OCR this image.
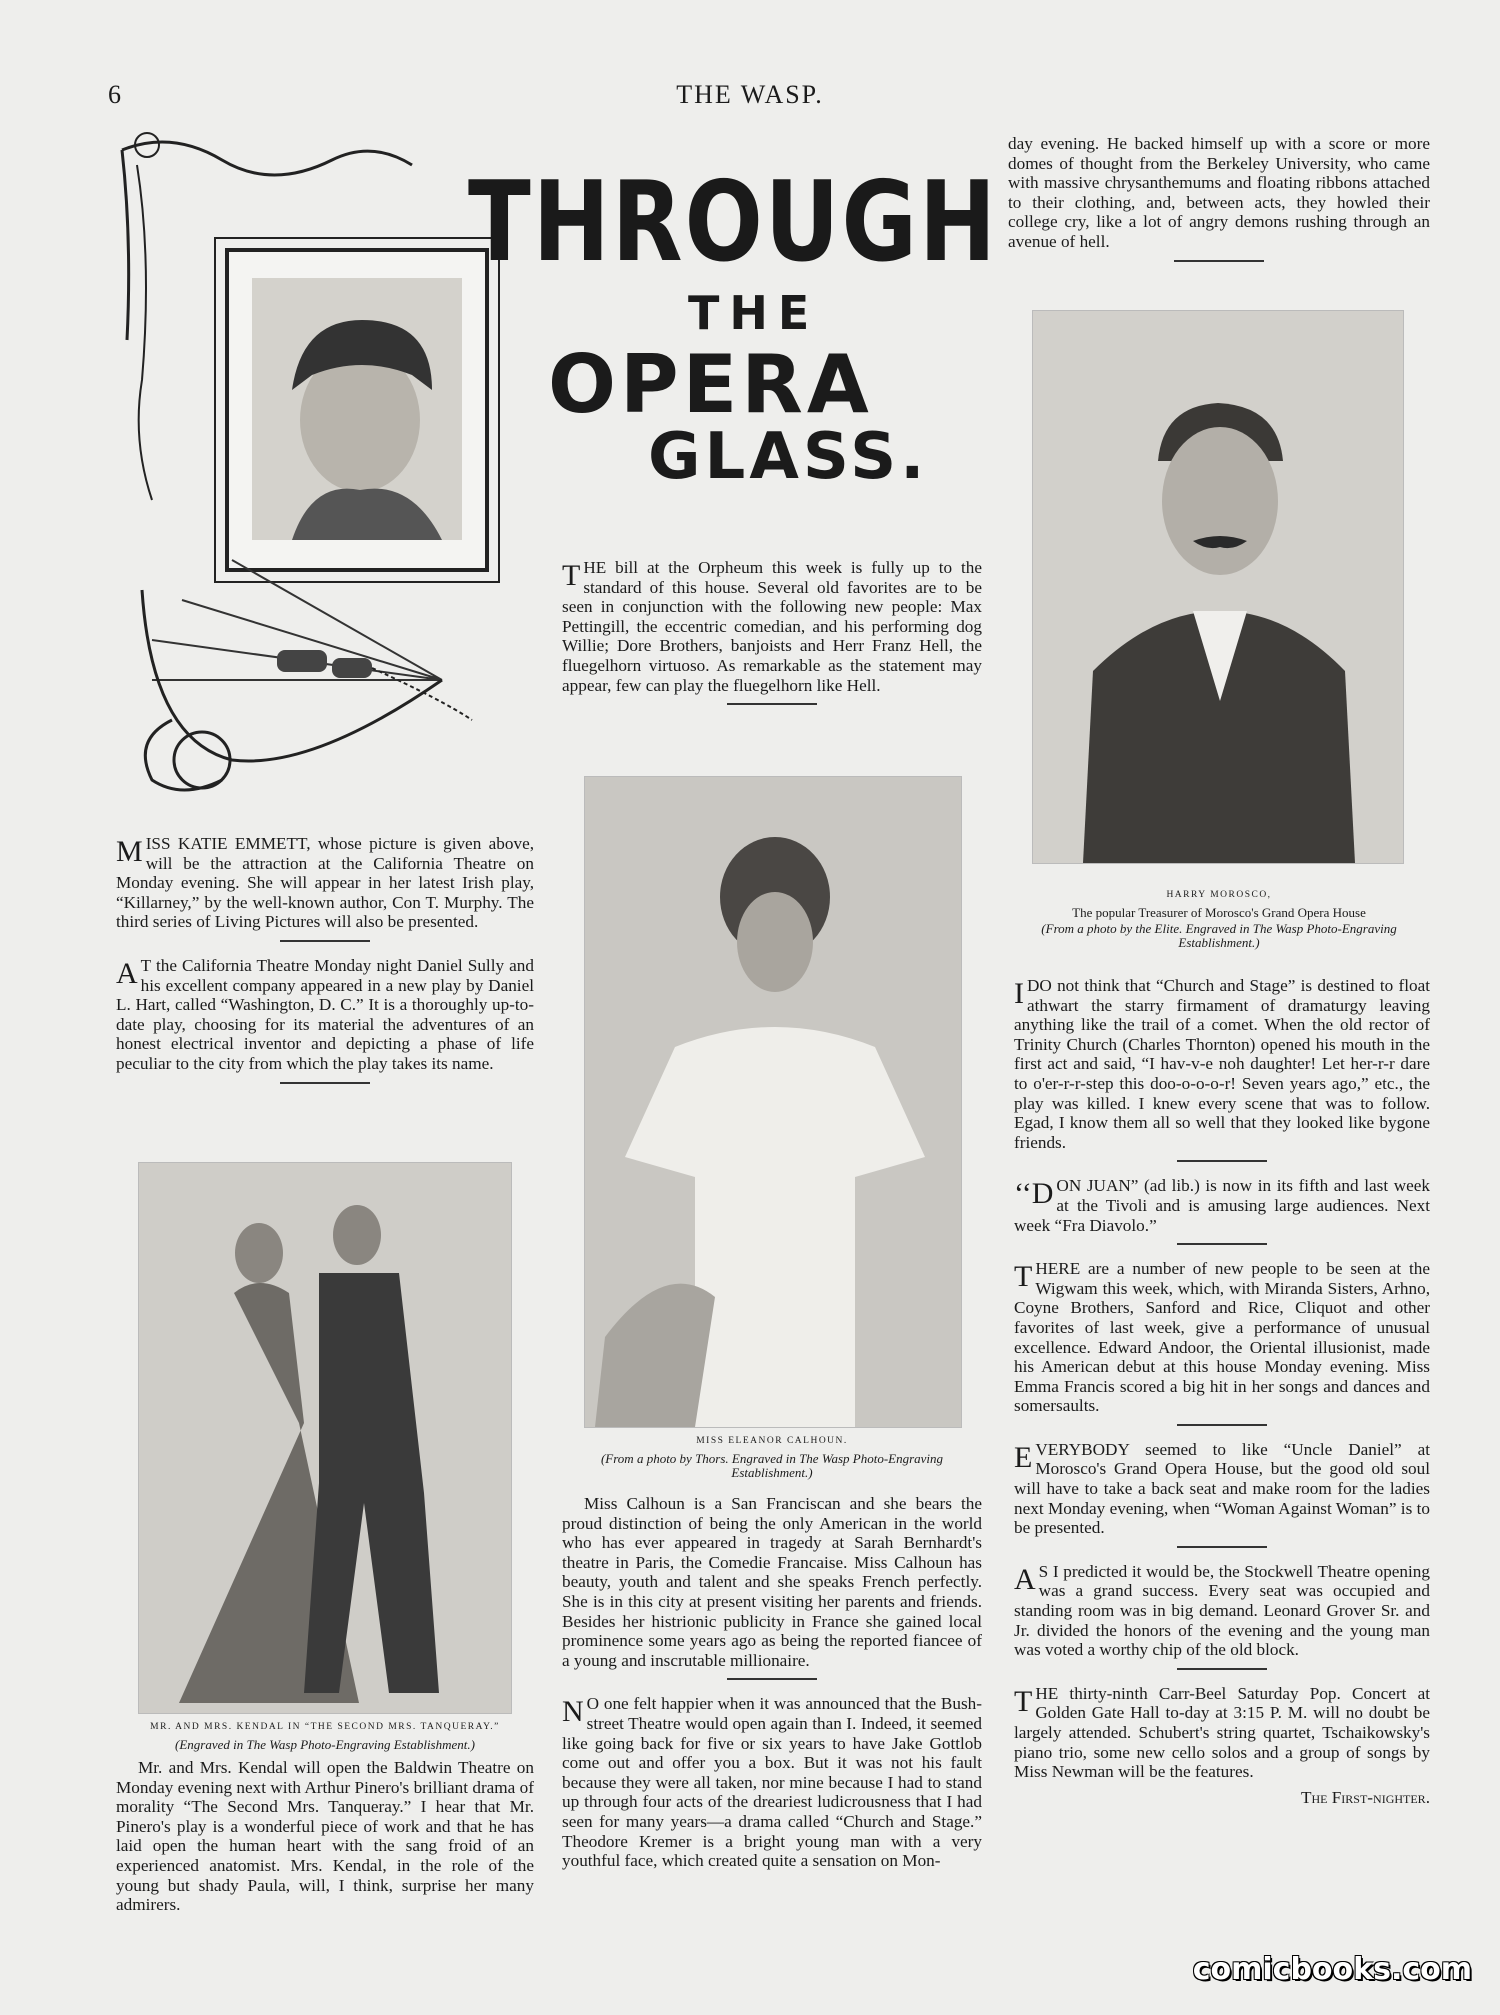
6	THE WASP.
THROUGH
THE
OPERA
GLASS.

THE bill at the Orpheum this week is fully up to the standard of this house. Several old favorites are to be seen in conjunction with the following new people: Max Pettingill, the eccentric comedian, and his performing dog Willie; Dore Brothers, banjoists and Herr Franz Hell, the fluegelhorn virtuoso. As remarkable as the statement may appear, few can play the fluegelhorn like Hell.

MISS KATIE EMMETT, whose picture is given above, will be the attraction at the California Theatre on Monday evening. She will appear in her latest Irish play, “Killarney,” by the well-known author, Con T. Murphy. The third series of Living Pictures will also be presented.

A T the California Theatre Monday night Daniel Sully and his excellent company appeared in a new play by Daniel L. Hart, called “Washington, D. C.” It is a thoroughly up-to-date play, choosing for its material the adventures of an honest electrical inventor and depicting a phase of life peculiar to the city from which the play takes its name.

MR. AND MRS. KENDAL IN “THE SECOND MRS. TANQUERAY.”
(Engraved in The Wasp Photo-Engraving Establishment.)

Mr. and Mrs. Kendal will open the Baldwin Theatre on Monday evening next with Arthur Pinero's brilliant drama of morality “The Second Mrs. Tanqueray.” I hear that Mr. Pinero's play is a wonderful piece of work and that he has laid open the human heart with the sang froid of an experienced anatomist. Mrs. Kendal, in the role of the young but shady Paula, will, I think, surprise her many admirers.

MISS ELEANOR CALHOUN.
(From a photo by Thors. Engraved in The Wasp Photo-Engraving Establishment.)

Miss Calhoun is a San Franciscan and she bears the proud distinction of being the only American in the world who has ever appeared in tragedy at Sarah Bernhardt's theatre in Paris, the Comedie Francaise. Miss Calhoun has beauty, youth and talent and she speaks French perfectly. She is in this city at present visiting her parents and friends. Besides her histrionic publicity in France she gained local prominence some years ago as being the reported fiancee of a young and inscrutable millionaire.

N O one felt happier when it was announced that the Bush-street Theatre would open again than I. Indeed, it seemed like going back for five or six years to have Jake Gottlob come out and offer you a box. But it was not his fault because they were all taken, nor mine because I had to stand up through four acts of the dreariest ludicrousness that I had seen for many years—a drama called “Church and Stage.” Theodore Kremer is a bright young man with a very youthful face, which created quite a sensation on Mon-

day evening. He backed himself up with a score or more domes of thought from the Berkeley University, who came with massive chrysanthemums and floating ribbons attached to their clothing, and, between acts, they howled their college cry, like a lot of angry demons rushing through an avenue of hell.

HARRY MOROSCO,
The popular Treasurer of Morosco's Grand Opera House
(From a photo by the Elite. Engraved in The Wasp Photo-Engraving Establishment.)

IDO not think that “Church and Stage” is destined to float athwart the starry firmament of dramaturgy leaving anything like the trail of a comet. When the old rector of Trinity Church (Charles Thornton) opened his mouth in the first act and said, “I hav-v-e noh daughter! Let her-r-r dare to o'er-r-r-step this doo-o-o-o-r! Seven years ago,” etc., the play was killed. I knew every scene that was to follow. Egad, I know them all so well that they looked like bygone friends.

‘‘D ON JUAN” (ad lib.) is now in its fifth and last week at the Tivoli and is amusing large audiences. Next week “Fra Diavolo.”

THERE are a number of new people to be seen at the Wigwam this week, which, with Miranda Sisters, Arhno, Coyne Brothers, Sanford and Rice, Cliquot and other favorites of last week, give a performance of unusual excellence. Edward Andoor, the Oriental illusionist, made his American debut at this house Monday evening. Miss Emma Francis scored a big hit in her songs and dances and somersaults.

EVERYBODY seemed to like “Uncle Daniel” at Morosco's Grand Opera House, but the good old soul will have to take a back seat and make room for the ladies next Monday evening, when “Woman Against Woman” is to be presented.

A S I predicted it would be, the Stockwell Theatre opening was a grand success. Every seat was occupied and standing room was in big demand. Leonard Grover Sr. and Jr. divided the honors of the evening and the young man was voted a worthy chip of the old block.

THE thirty-ninth Carr-Beel Saturday Pop. Concert at Golden Gate Hall to-day at 3:15 P. M. will no doubt be largely attended. Schubert's string quartet, Tschaikowsky's piano trio, some new cello solos and a group of songs by Miss Newman will be the features.

The First-nighter.
comicbooks.com
